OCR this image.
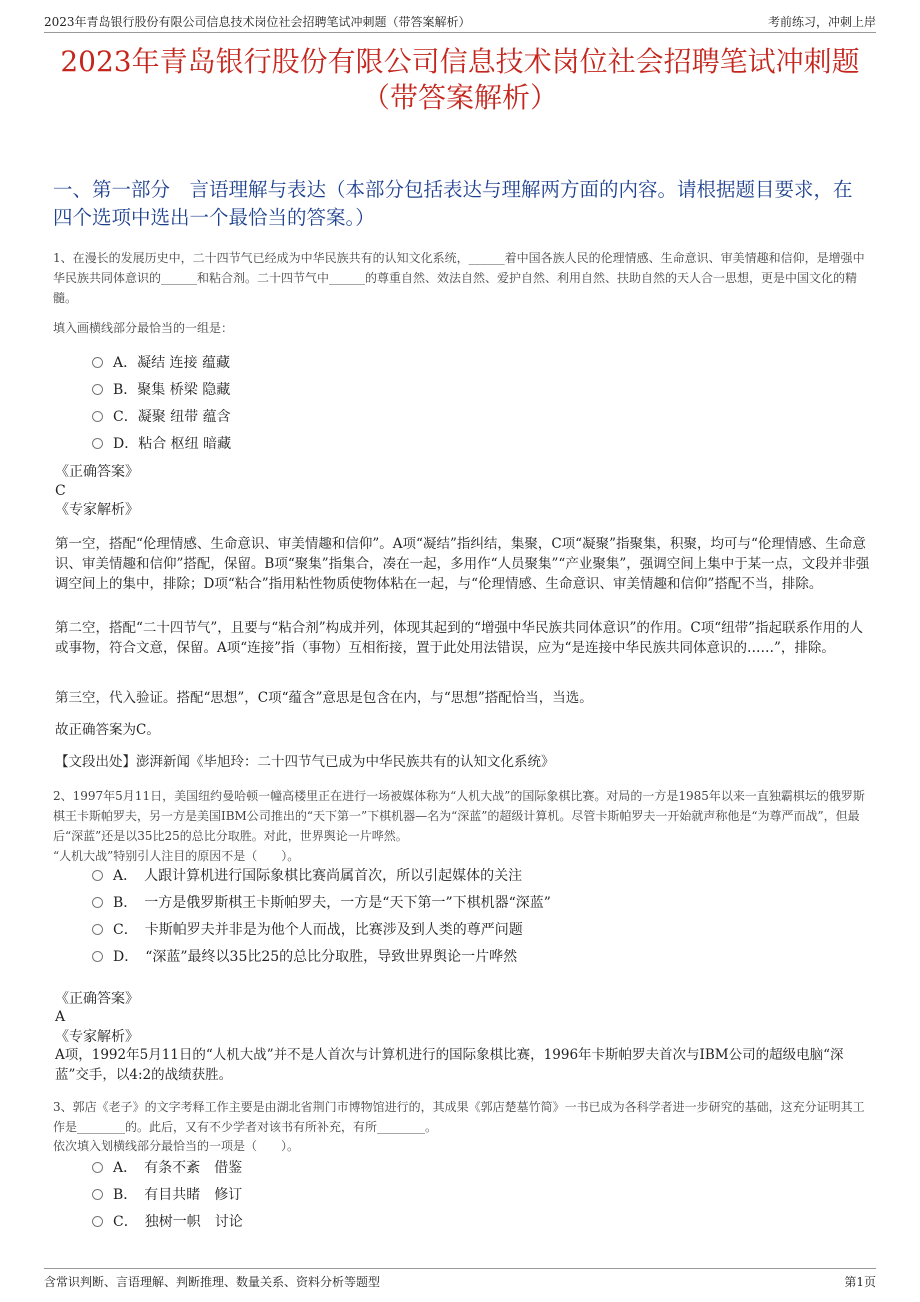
2023年青岛银行股份有限公司信息技术岗位社会招聘笔试冲刺题（带答案解析）	考前练习，冲刺上岸
2023年青岛银行股份有限公司信息技术岗位社会招聘笔试冲刺题（带答案解析）
一、第一部分　言语理解与表达（本部分包括表达与理解两方面的内容。请根据题目要求，在四个选项中选出一个最恰当的答案。）
1、在漫长的发展历史中，二十四节气已经成为中华民族共有的认知文化系统，______着中国各族人民的伦理情感、生命意识、审美情趣和信仰，是增强中华民族共同体意识的______和粘合剂。二十四节气中______的尊重自然、效法自然、爱护自然、利用自然、扶助自然的天人合一思想，更是中国文化的精髓。
填入画横线部分最恰当的一组是：
A．凝结 连接 蕴藏
B．聚集 桥梁 隐藏
C．凝聚 纽带 蕴含
D．粘合 枢纽 暗藏
《正确答案》
C
《专家解析》
第一空，搭配“伦理情感、生命意识、审美情趣和信仰”。A项“凝结”指纠结，集聚，C项“凝聚”指聚集，积聚，均可与“伦理情感、生命意识、审美情趣和信仰”搭配，保留。B项“聚集”指集合，凑在一起，多用作“人员聚集”“产业聚集”，强调空间上集中于某一点，文段并非强调空间上的集中，排除；D项“粘合”指用粘性物质使物体粘在一起，与“伦理情感、生命意识、审美情趣和信仰”搭配不当，排除。
第二空，搭配“二十四节气”，且要与“粘合剂”构成并列，体现其起到的“增强中华民族共同体意识”的作用。C项“纽带”指起联系作用的人或事物，符合文意，保留。A项“连接”指（事物）互相衔接，置于此处用法错误，应为“是连接中华民族共同体意识的……”，排除。
第三空，代入验证。搭配“思想”，C项“蕴含”意思是包含在内，与“思想”搭配恰当，当选。
故正确答案为C。
【文段出处】澎湃新闻《毕旭玲：二十四节气已成为中华民族共有的认知文化系统》
2、1997年5月11日，美国纽约曼哈顿一幢高楼里正在进行一场被媒体称为“人机大战”的国际象棋比赛。对局的一方是1985年以来一直独霸棋坛的俄罗斯棋王卡斯帕罗夫，另一方是美国IBM公司推出的“天下第一”下棋机器—名为“深蓝”的超级计算机。尽管卡斯帕罗夫一开始就声称他是“为尊严而战”，但最后“深蓝”还是以35比25的总比分取胜。对此，世界舆论一片哗然。
“人机大战”特别引人注目的原因不是（　　）。
A．　人跟计算机进行国际象棋比赛尚属首次，所以引起媒体的关注
B．　一方是俄罗斯棋王卡斯帕罗夫，一方是“天下第一”下棋机器“深蓝”
C．　卡斯帕罗夫并非是为他个人而战，比赛涉及到人类的尊严问题
D．　“深蓝”最终以35比25的总比分取胜，导致世界舆论一片哗然
《正确答案》
A
《专家解析》
A项，1992年5月11日的“人机大战”并不是人首次与计算机进行的国际象棋比赛，1996年卡斯帕罗夫首次与IBM公司的超级电脑“深蓝”交手，以4:2的战绩获胜。
3、郭店《老子》的文字考释工作主要是由湖北省荆门市博物馆进行的，其成果《郭店楚墓竹简》一书已成为各科学者进一步研究的基础，这充分证明其工作是________的。此后，又有不少学者对该书有所补充，有所________。
依次填入划横线部分最恰当的一项是（　　）。
A．　有条不紊　借鉴
B．　有目共睹　修订
C．　独树一帜　讨论
含常识判断、言语理解、判断推理、数量关系、资料分析等题型	第1页
